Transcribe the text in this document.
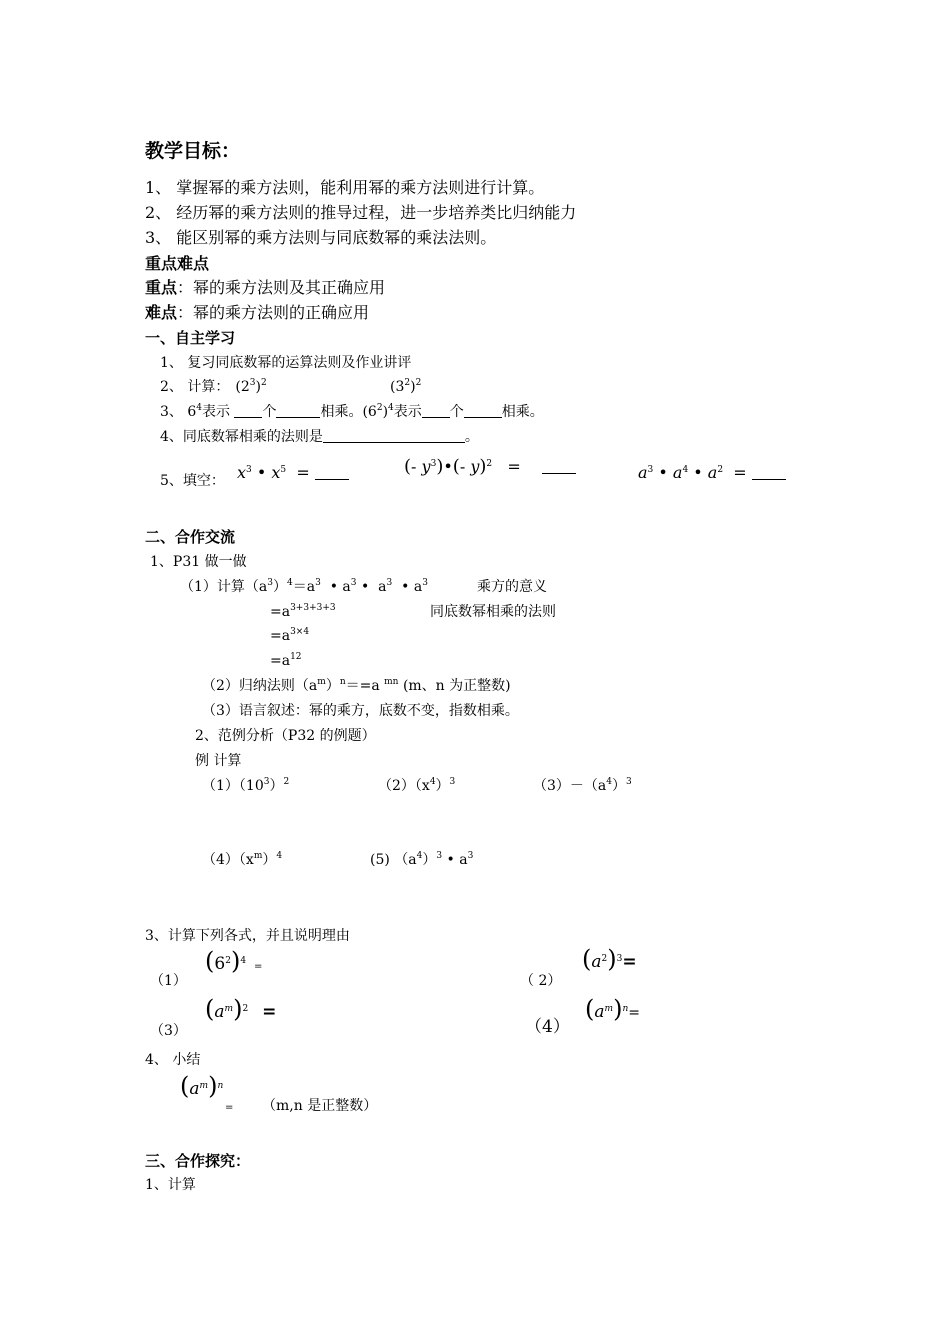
教学目标：
1、 掌握幂的乘方法则，能利用幂的乘方法则进行计算。
2、 经历幂的乘方法则的推导过程，进一步培养类比归纳能力
3、 能区别幂的乘方法则与同底数幂的乘法法则。
重点难点
重点：幂的乘方法则及其正确应用
难点：幂的乘方法则的正确应用
一、自主学习
1、 复习同底数幂的运算法则及作业讲评
2、 计算： $(2^3)^2$	$(3^2)^2$
3、 $6^4$表示 个	相乘。$(6^2)^4$表示 个	相乘。
4、同底数幂相乘的法则是	。
5、填空： $x^3$ • $x^5$  =	(- $y^3)•(-$ y)$^2$   =	$a^3$ • $a^4$ • $a^2$  =
二、合作交流
1、P31 做一做
（1）计算$(a^3)^4=a^3$  • $a^3$ •  $a^3$  • $a^3$	乘方的意义
$=a^{3+3+3+3}$	同底数幂相乘的法则
$=a^{3\times 4}$
$=a^{12}$
（2）归纳法则$(a^m)^n==a$ $^{mn}$ (m、n 为正整数)
（3）语言叙述：幂的乘方，底数不变，指数相乘。
2、范例分析（P32 的例题）
例 计算
$(1)(10^3)^2$	$(2)(x^4)^3$	$(3)-(a^4)^3$
$(4)(x^m)^4$	(5) $(a^4)^3$ • $a^3$
3、计算下列各式，并且说明理由
（1）
$(6^2)^4$ =
（ 2）
$(a^2)^3=$
（3）
$(a^m)^2$ =
（4）
$(a^m)^n=$
4、 小结
$(a^m)^n$
= （m,n 是正整数）
三、合作探究：
1、计算
